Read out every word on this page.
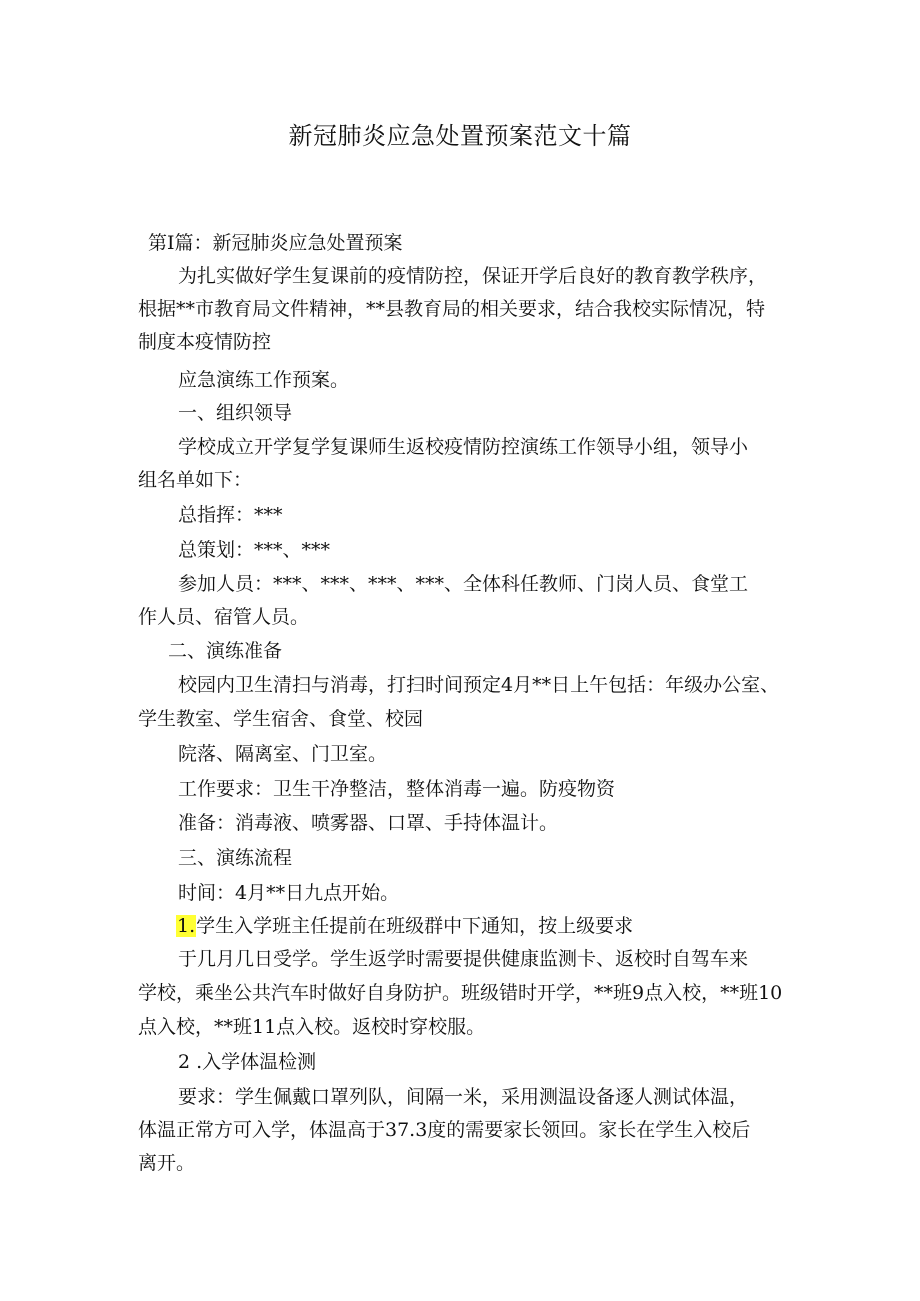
新冠肺炎应急处置预案范文十篇
第I篇：新冠肺炎应急处置预案
为扎实做好学生复课前的疫情防控，保证开学后良好的教育教学秩序，
根据**市教育局文件精神，**县教育局的相关要求，结合我校实际情况，特
制度本疫情防控
应急演练工作预案。
一、组织领导
学校成立开学复学复课师生返校疫情防控演练工作领导小组，领导小
组名单如下：
总指挥：***
总策划：***、***
参加人员：***、***、***、***、全体科任教师、门岗人员、食堂工
作人员、宿管人员。
二、演练准备
校园内卫生清扫与消毒，打扫时间预定4月**日上午包括：年级办公室、
学生教室、学生宿舍、食堂、校园
院落、隔离室、门卫室。
工作要求：卫生干净整洁，整体消毒一遍。防疫物资
准备：消毒液、喷雾器、口罩、手持体温计。
三、演练流程
时间：4月**日九点开始。
1.学生入学班主任提前在班级群中下通知，按上级要求
于几月几日受学。学生返学时需要提供健康监测卡、返校时自驾车来
学校，乘坐公共汽车时做好自身防护。班级错时开学，**班9点入校，**班10
点入校，**班11点入校。返校时穿校服。
2 .入学体温检测
要求：学生佩戴口罩列队，间隔一米，采用测温设备逐人测试体温，
体温正常方可入学，体温高于37.3度的需要家长领回。家长在学生入校后
离开。
